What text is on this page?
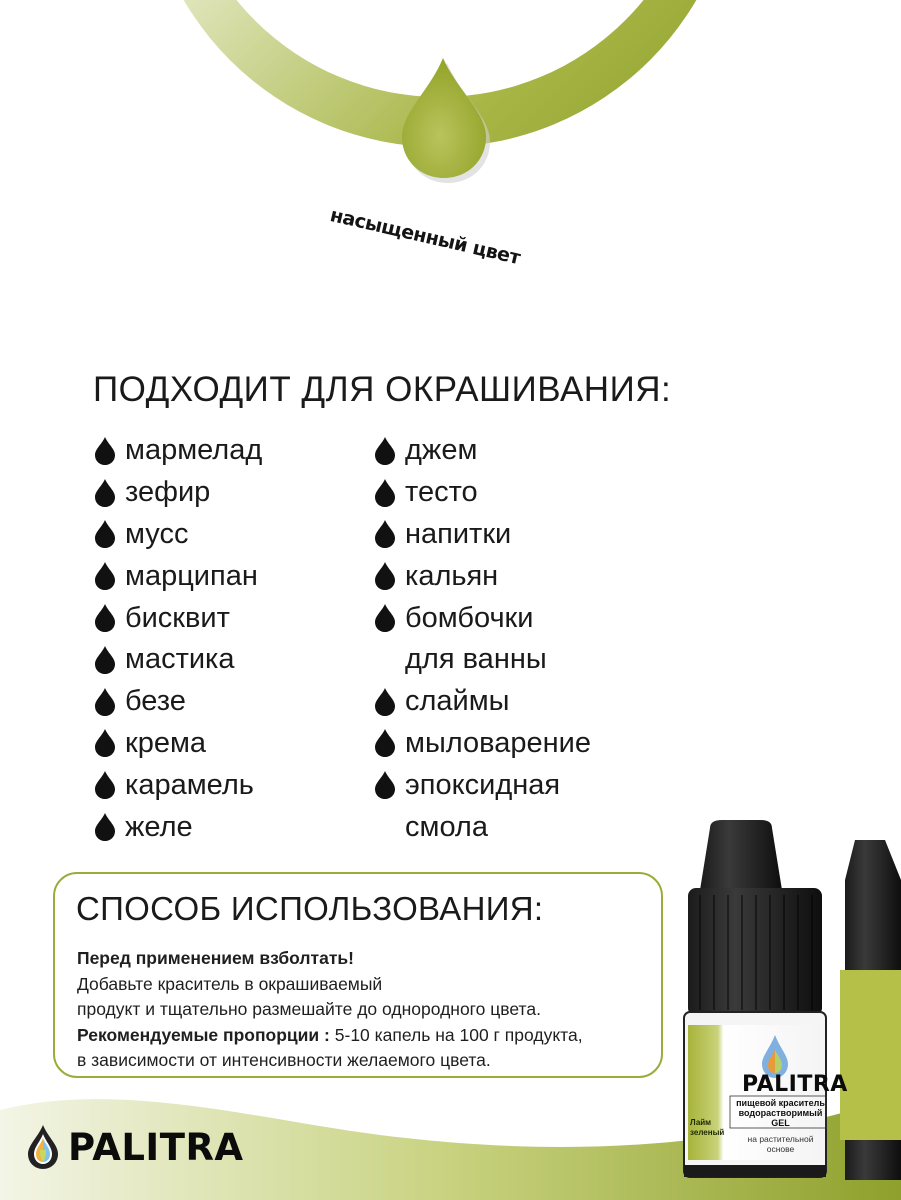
насыщенный цвет
ПОДХОДИТ ДЛЯ ОКРАШИВАНИЯ:
мармелад
зефир
мусс
марципан
бисквит
мастика
безе
крема
карамель
желе
джем
тесто
напитки
кальян
бомбочки
для ванны
слаймы
мыловарение
эпоксидная
смола
СПОСОБ ИСПОЛЬЗОВАНИЯ:
Перед применением взболтать!
Добавьте краситель в окрашиваемый
продукт и тщательно размешайте до однородного цвета.
Рекомендуемые пропорции : 5-10 капель на 100 г продукта,
в зависимости от интенсивности желаемого цвета.
PALITRA
пищевой краситель
водорастворимый
GEL
на растительной основе
Лайм зеленый
PALITRA
